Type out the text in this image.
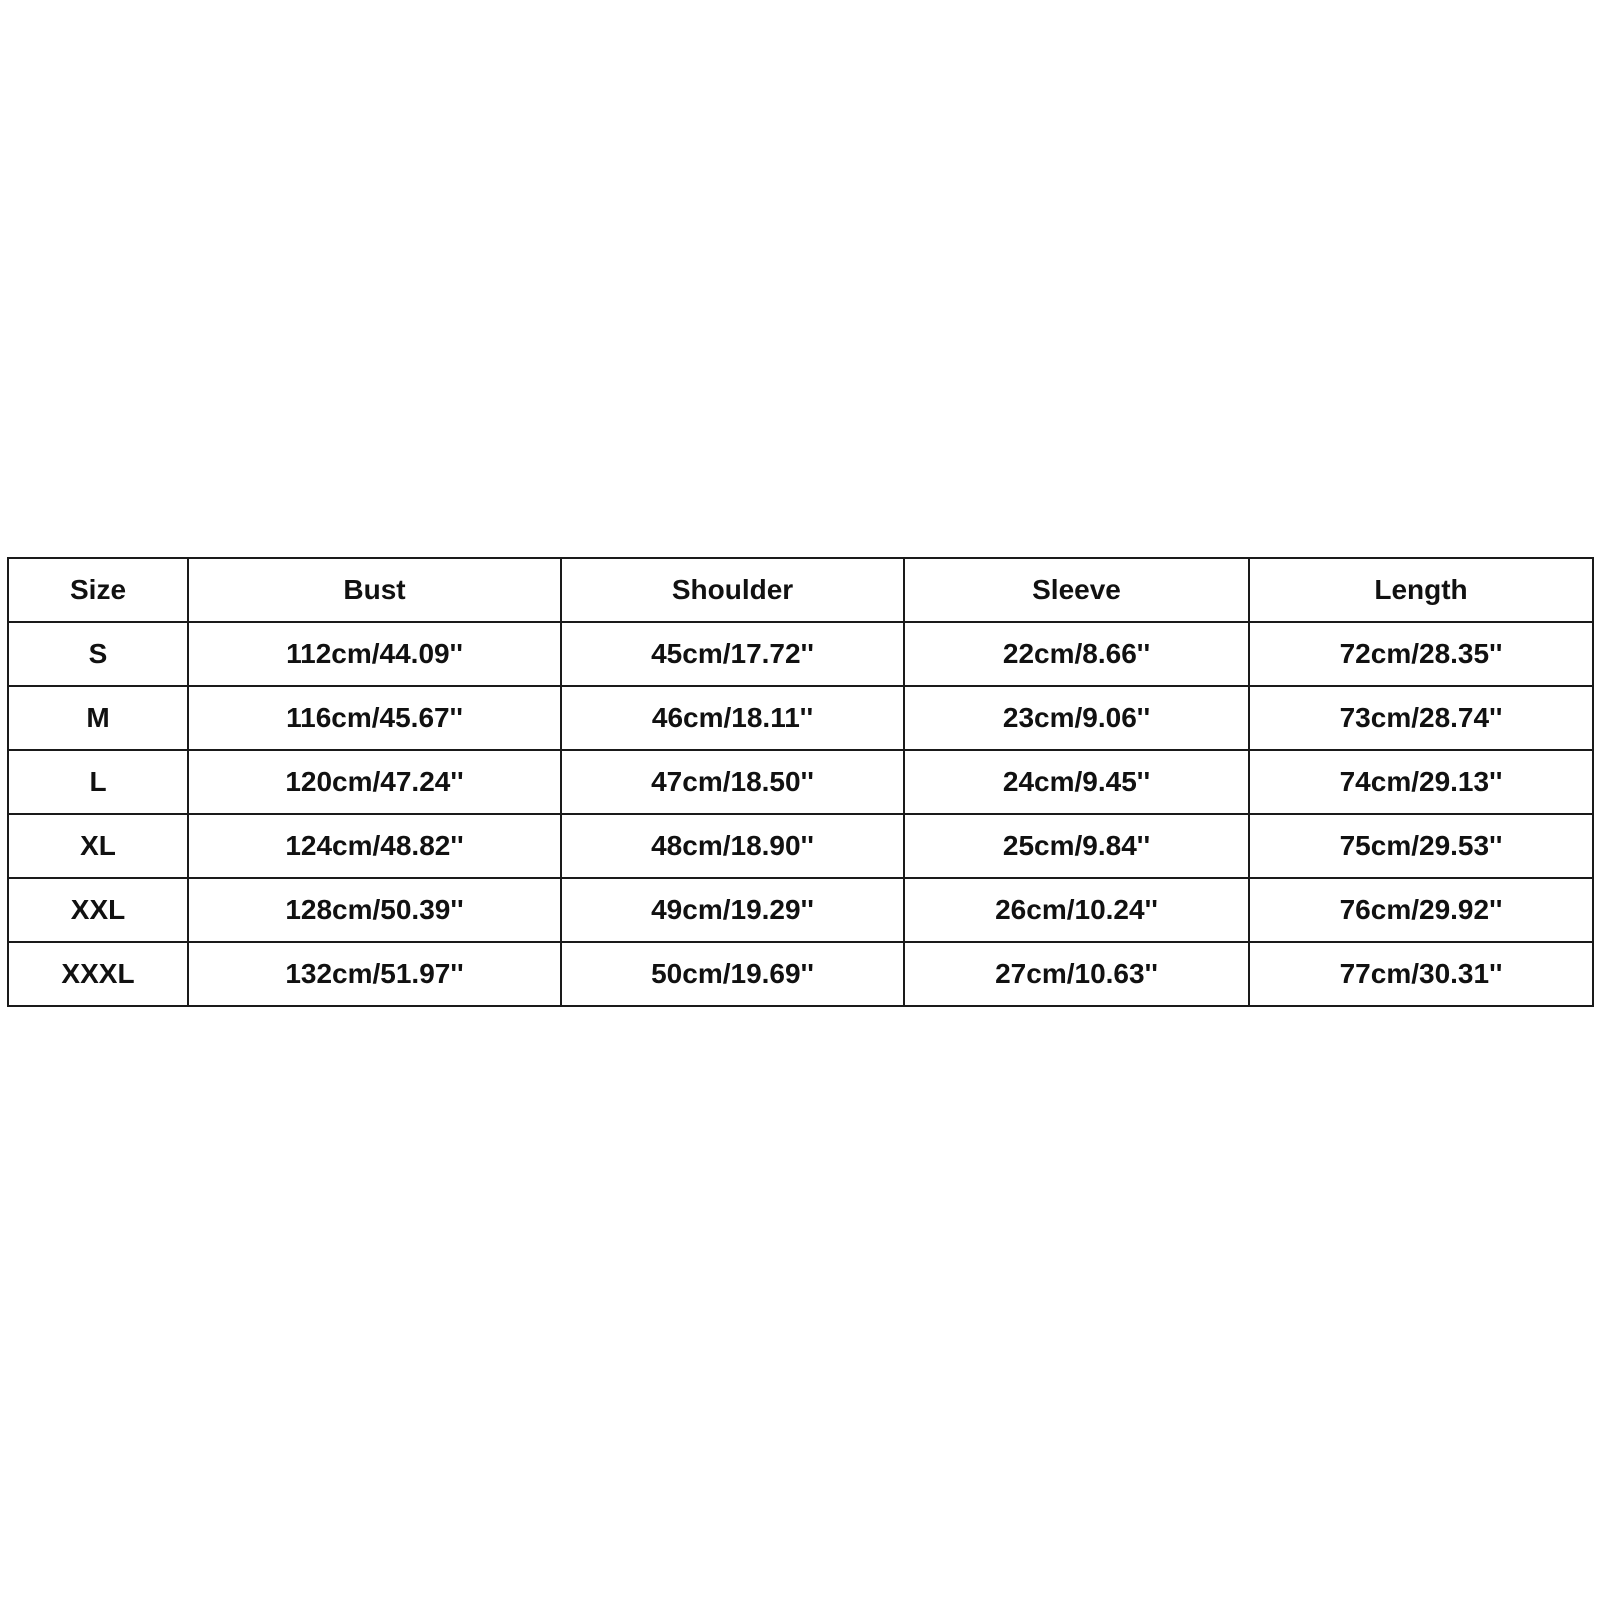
Size	Bust	Shoulder	Sleeve	Length
S	112cm/44.09''	45cm/17.72''	22cm/8.66''	72cm/28.35''
M	116cm/45.67''	46cm/18.11''	23cm/9.06''	73cm/28.74''
L	120cm/47.24''	47cm/18.50''	24cm/9.45''	74cm/29.13''
XL	124cm/48.82''	48cm/18.90''	25cm/9.84''	75cm/29.53''
XXL	128cm/50.39''	49cm/19.29''	26cm/10.24''	76cm/29.92''
XXXL	132cm/51.97''	50cm/19.69''	27cm/10.63''	77cm/30.31''
